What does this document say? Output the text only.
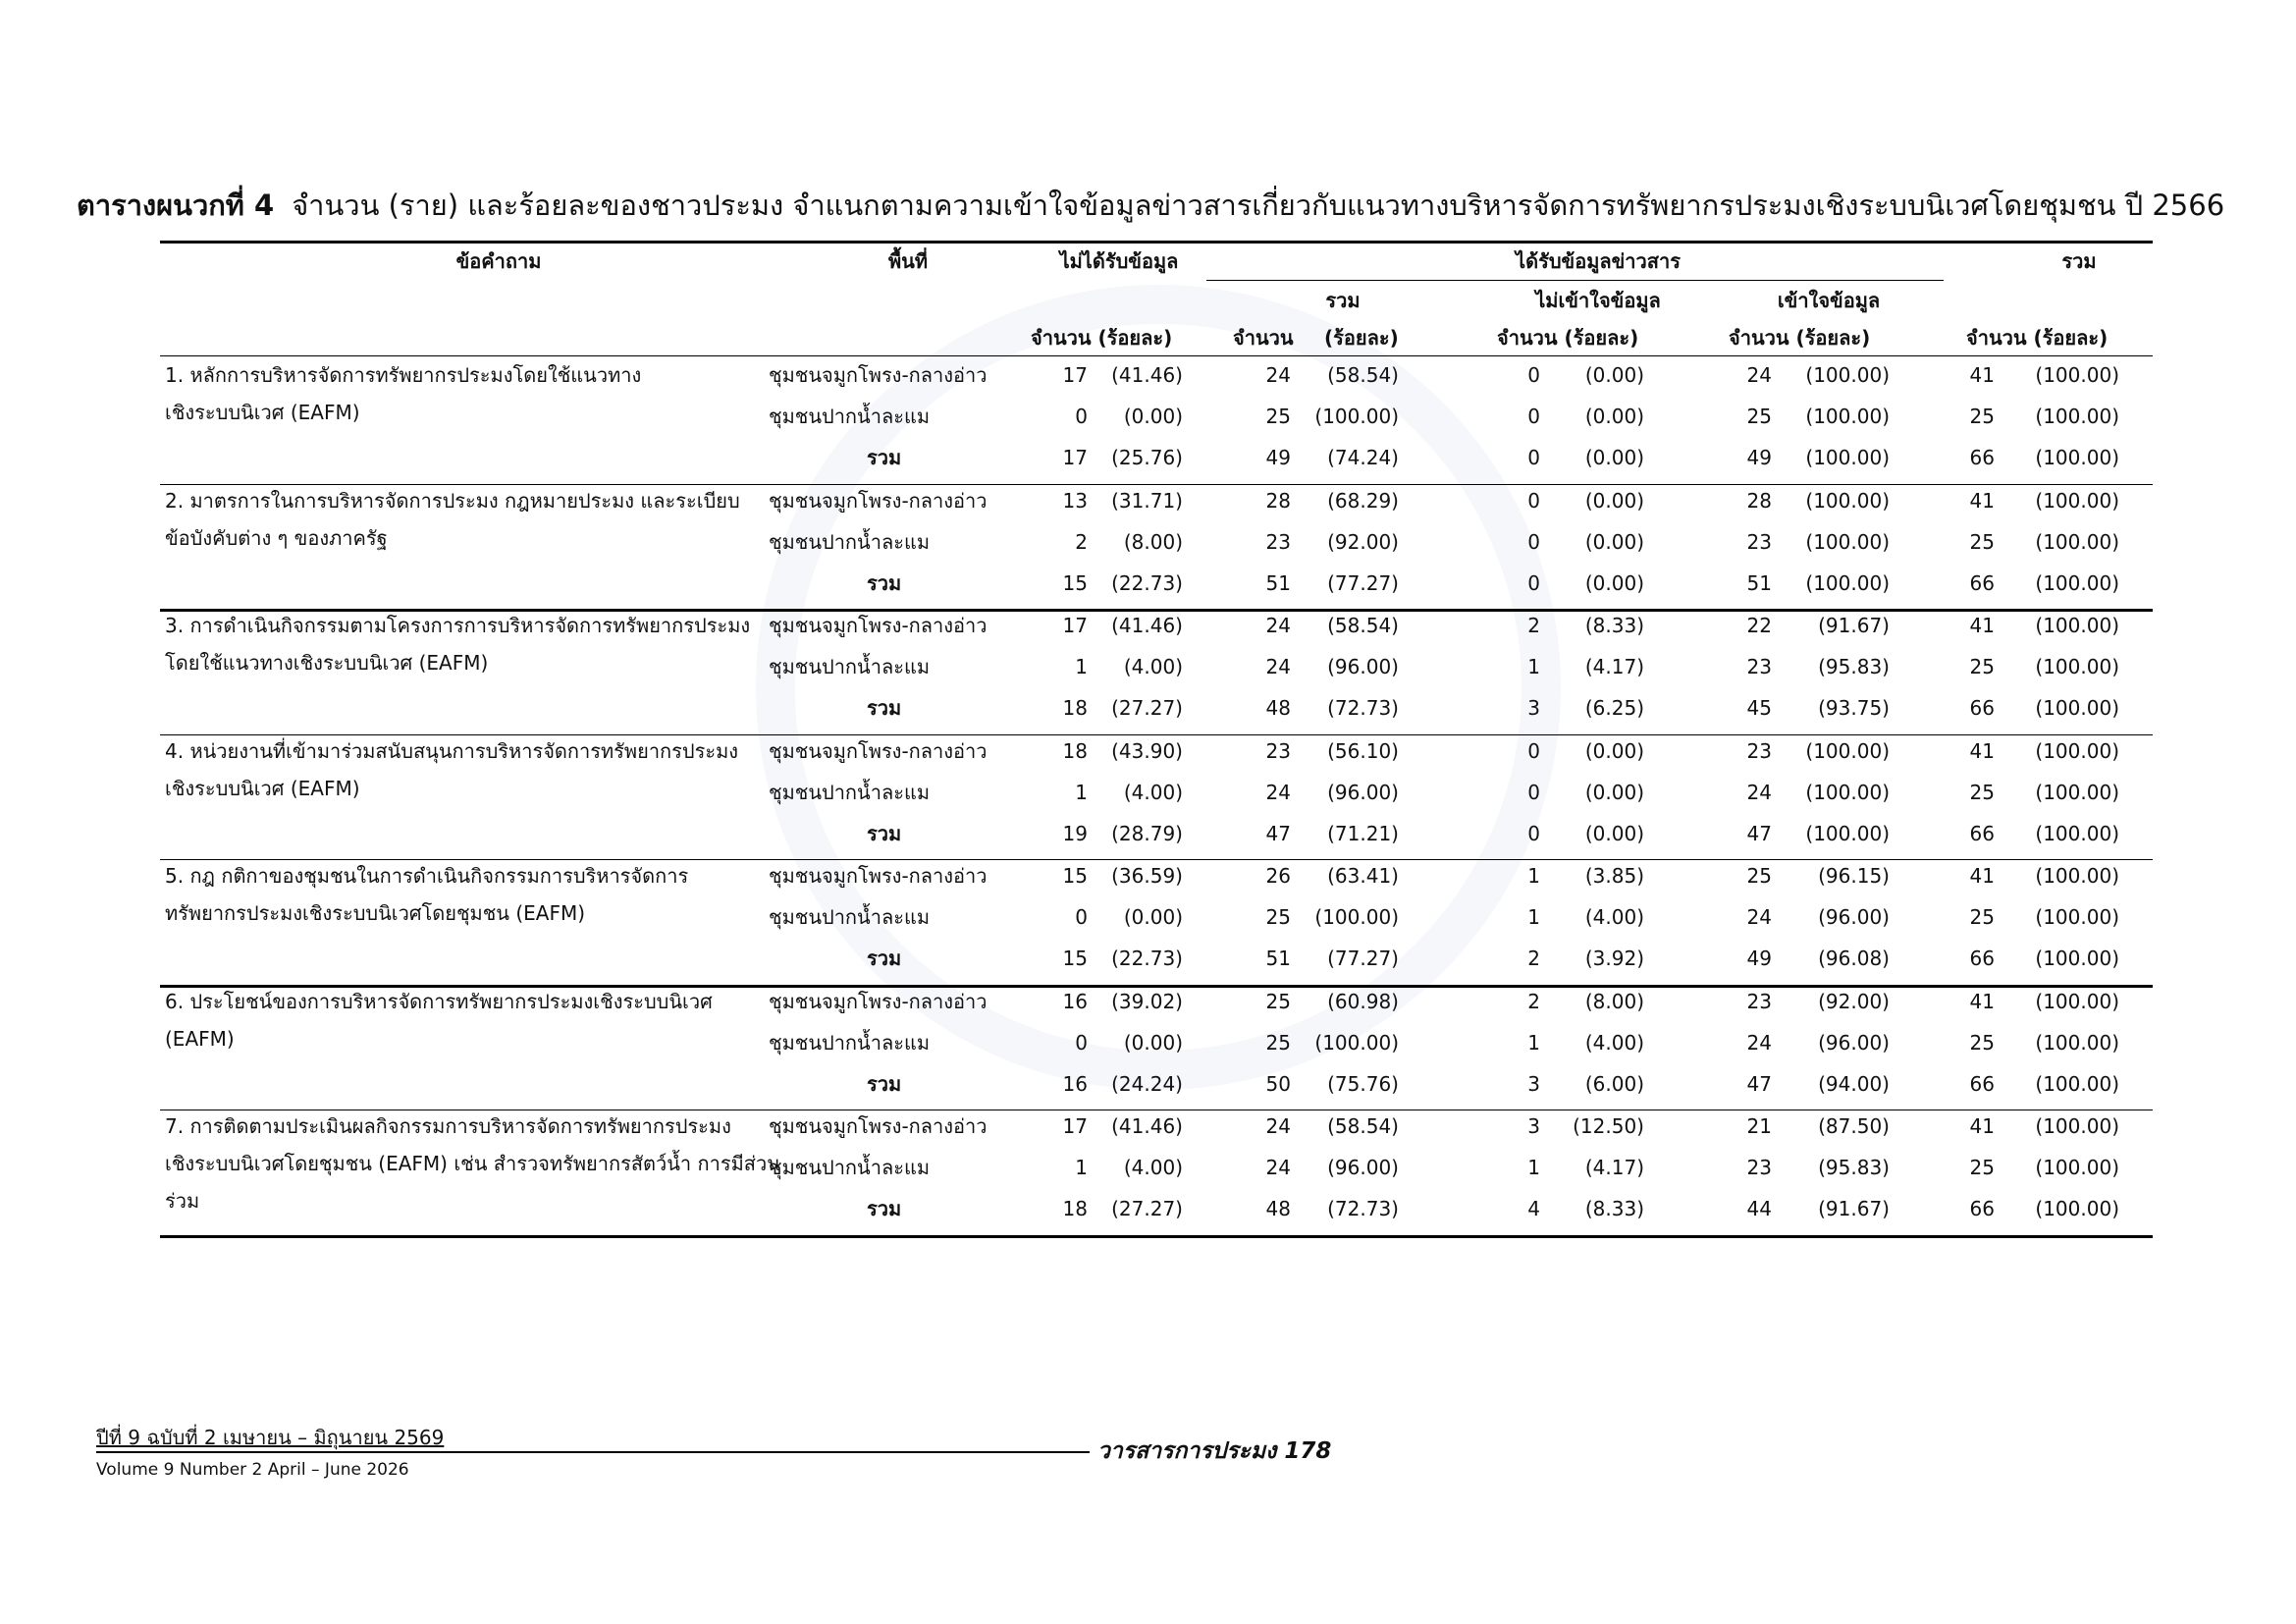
ตารางผนวกที่ 4 จำนวน (ราย) และร้อยละของชาวประมง จำแนกตามความเข้าใจข้อมูลข่าวสารเกี่ยวกับแนวทางบริหารจัดการทรัพยากรประมงเชิงระบบนิเวศโดยชุมชน ปี 2566
ข้อคำถาม	พื้นที่	ไม่ได้รับข้อมูล	ได้รับข้อมูลข่าวสาร	รวม
รวม	ไม่เข้าใจข้อมูล	เข้าใจข้อมูล
จำนวน (ร้อยละ)	จำนวน (ร้อยละ)	จำนวน (ร้อยละ)	จำนวน (ร้อยละ)	จำนวน (ร้อยละ)
1. หลักการบริหารจัดการทรัพยากรประมงโดยใช้แนวทาง
เชิงระบบนิเวศ (EAFM)
ชุมชนจมูกโพรง-กลางอ่าว	17	(41.46)	24	(58.54)	0	(0.00)	24	(100.00)	41	(100.00)
ชุมชนปากน้ำละแม	0	(0.00)	25	(100.00)	0	(0.00)	25	(100.00)	25	(100.00)
รวม	17	(25.76)	49	(74.24)	0	(0.00)	49	(100.00)	66	(100.00)
2. มาตรการในการบริหารจัดการประมง กฎหมายประมง และระเบียบ
ข้อบังคับต่าง ๆ ของภาครัฐ
ชุมชนจมูกโพรง-กลางอ่าว	13	(31.71)	28	(68.29)	0	(0.00)	28	(100.00)	41	(100.00)
ชุมชนปากน้ำละแม	2	(8.00)	23	(92.00)	0	(0.00)	23	(100.00)	25	(100.00)
รวม	15	(22.73)	51	(77.27)	0	(0.00)	51	(100.00)	66	(100.00)
3. การดำเนินกิจกรรมตามโครงการการบริหารจัดการทรัพยากรประมง
โดยใช้แนวทางเชิงระบบนิเวศ (EAFM)
ชุมชนจมูกโพรง-กลางอ่าว	17	(41.46)	24	(58.54)	2	(8.33)	22	(91.67)	41	(100.00)
ชุมชนปากน้ำละแม	1	(4.00)	24	(96.00)	1	(4.17)	23	(95.83)	25	(100.00)
รวม	18	(27.27)	48	(72.73)	3	(6.25)	45	(93.75)	66	(100.00)
4. หน่วยงานที่เข้ามาร่วมสนับสนุนการบริหารจัดการทรัพยากรประมง
เชิงระบบนิเวศ (EAFM)
ชุมชนจมูกโพรง-กลางอ่าว	18	(43.90)	23	(56.10)	0	(0.00)	23	(100.00)	41	(100.00)
ชุมชนปากน้ำละแม	1	(4.00)	24	(96.00)	0	(0.00)	24	(100.00)	25	(100.00)
รวม	19	(28.79)	47	(71.21)	0	(0.00)	47	(100.00)	66	(100.00)
5. กฎ กติกาของชุมชนในการดำเนินกิจกรรมการบริหารจัดการ
ทรัพยากรประมงเชิงระบบนิเวศโดยชุมชน (EAFM)
ชุมชนจมูกโพรง-กลางอ่าว	15	(36.59)	26	(63.41)	1	(3.85)	25	(96.15)	41	(100.00)
ชุมชนปากน้ำละแม	0	(0.00)	25	(100.00)	1	(4.00)	24	(96.00)	25	(100.00)
รวม	15	(22.73)	51	(77.27)	2	(3.92)	49	(96.08)	66	(100.00)
6. ประโยชน์ของการบริหารจัดการทรัพยากรประมงเชิงระบบนิเวศ
(EAFM)
ชุมชนจมูกโพรง-กลางอ่าว	16	(39.02)	25	(60.98)	2	(8.00)	23	(92.00)	41	(100.00)
ชุมชนปากน้ำละแม	0	(0.00)	25	(100.00)	1	(4.00)	24	(96.00)	25	(100.00)
รวม	16	(24.24)	50	(75.76)	3	(6.00)	47	(94.00)	66	(100.00)
7. การติดตามประเมินผลกิจกรรมการบริหารจัดการทรัพยากรประมง
เชิงระบบนิเวศโดยชุมชน (EAFM) เช่น สำรวจทรัพยากรสัตว์น้ำ การมีส่วน
ร่วม
ชุมชนจมูกโพรง-กลางอ่าว	17	(41.46)	24	(58.54)	3	(12.50)	21	(87.50)	41	(100.00)
ชุมชนปากน้ำละแม	1	(4.00)	24	(96.00)	1	(4.17)	23	(95.83)	25	(100.00)
รวม	18	(27.27)	48	(72.73)	4	(8.33)	44	(91.67)	66	(100.00)
ปีที่ 9 ฉบับที่ 2 เมษายน – มิถุนายน 2569
Volume 9 Number 2 April – June 2026
วารสารการประมง 178
